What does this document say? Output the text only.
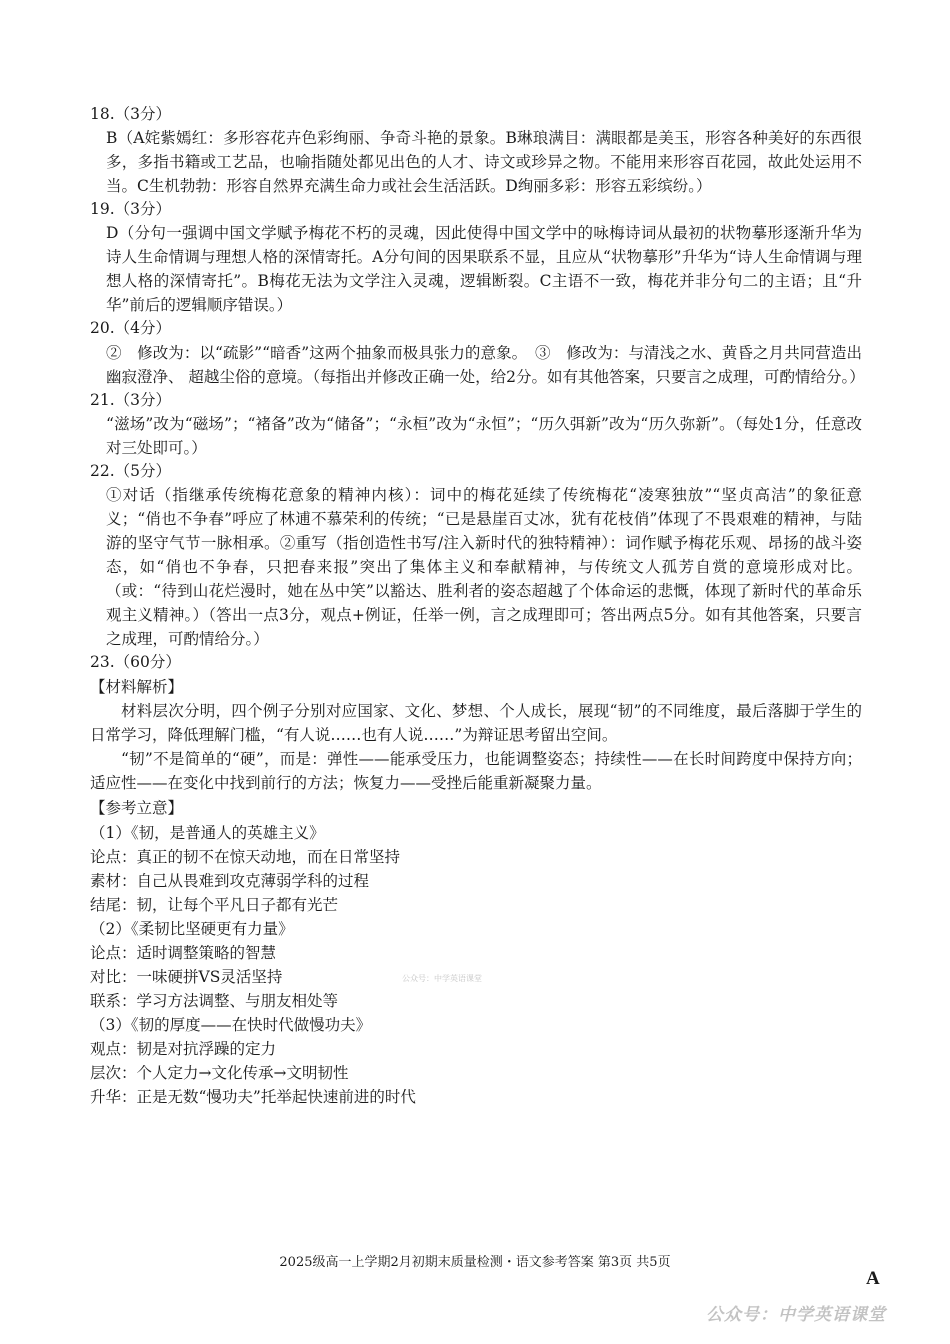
18.（3分）

B（A姹紫嫣红：多形容花卉色彩绚丽、争奇斗艳的景象。B琳琅满目：满眼都是美玉，形容各种美好的东西很多，多指书籍或工艺品，也喻指随处都见出色的人才、诗文或珍异之物。不能用来形容百花园，故此处运用不当。C生机勃勃：形容自然界充满生命力或社会生活活跃。D绚丽多彩：形容五彩缤纷。）

19.（3分）

D（分句一强调中国文学赋予梅花不朽的灵魂，因此使得中国文学中的咏梅诗词从最初的状物摹形逐渐升华为诗人生命情调与理想人格的深情寄托。A分句间的因果联系不显，且应从“状物摹形”升华为“诗人生命情调与理想人格的深情寄托”。B梅花无法为文学注入灵魂，逻辑断裂。C主语不一致，梅花并非分句二的主语；且“升华”前后的逻辑顺序错误。）

20.（4分）

②　修改为：以“疏影”“暗香”这两个抽象而极具张力的意象。　③　修改为：与清浅之水、黄昏之月共同营造出幽寂澄净、 超越尘俗的意境。（每指出并修改正确一处，给2分。如有其他答案，只要言之成理，可酌情给分。）

21.（3分）

“滋场”改为“磁场”；“褚备”改为“储备”；“永桓”改为“永恒”；“历久弭新”改为“历久弥新”。（每处1分，任意改对三处即可。）

22.（5分）

①对话（指继承传统梅花意象的精神内核）：词中的梅花延续了传统梅花“凌寒独放”“坚贞高洁”的象征意义；“俏也不争春”呼应了林逋不慕荣利的传统；“已是悬崖百丈冰，犹有花枝俏”体现了不畏艰难的精神，与陆游的坚守气节一脉相承。②重写（指创造性书写/注入新时代的独特精神）：词作赋予梅花乐观、昂扬的战斗姿态，如“俏也不争春，只把春来报”突出了集体主义和奉献精神，与传统文人孤芳自赏的意境形成对比。（或：“待到山花烂漫时，她在丛中笑”以豁达、胜利者的姿态超越了个体命运的悲慨，体现了新时代的革命乐观主义精神。）（答出一点3分，观点+例证，任举一例，言之成理即可；答出两点5分。如有其他答案，只要言之成理，可酌情给分。）

23.（60分）

【材料解析】

材料层次分明，四个例子分别对应国家、文化、梦想、个人成长，展现“韧”的不同维度，最后落脚于学生的日常学习，降低理解门槛，“有人说……也有人说……”为辩证思考留出空间。

“韧”不是简单的“硬”，而是：弹性——能承受压力，也能调整姿态；持续性——在长时间跨度中保持方向；适应性——在变化中找到前行的方法；恢复力——受挫后能重新凝聚力量。

【参考立意】

（1）《韧，是普通人的英雄主义》

论点：真正的韧不在惊天动地，而在日常坚持

素材：自己从畏难到攻克薄弱学科的过程

结尾：韧，让每个平凡日子都有光芒

（2）《柔韧比坚硬更有力量》

论点：适时调整策略的智慧

对比：一味硬拼VS灵活坚持

联系：学习方法调整、与朋友相处等

（3）《韧的厚度——在快时代做慢功夫》

观点：韧是对抗浮躁的定力

层次：个人定力→文化传承→文明韧性

升华：正是无数“慢功夫”托举起快速前进的时代

公众号：中学英语课堂
2025级高一上学期2月初期末质量检测・语文参考答案 第3页 共5页
A
公众号：中学英语课堂
